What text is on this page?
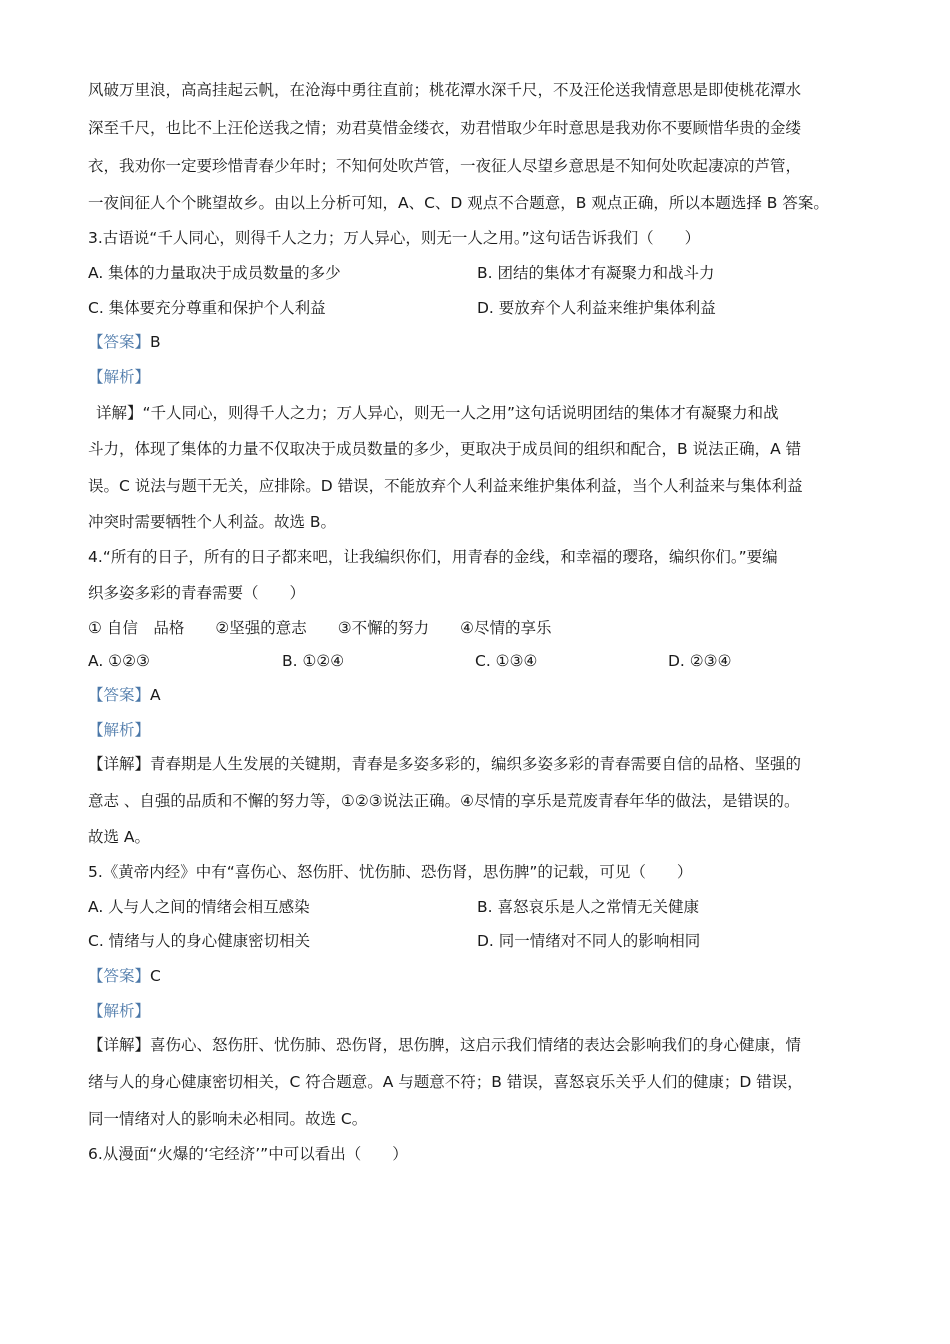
风破万里浪，高高挂起云帆，在沧海中勇往直前；桃花潭水深千尺，不及汪伦送我情意思是即使桃花潭水
深至千尺，也比不上汪伦送我之情；劝君莫惜金缕衣，劝君惜取少年时意思是我劝你不要顾惜华贵的金缕
衣，我劝你一定要珍惜青春少年时；不知何处吹芦管，一夜征人尽望乡意思是不知何处吹起凄凉的芦管，
一夜间征人个个眺望故乡。由以上分析可知，A、C、D 观点不合题意，B 观点正确，所以本题选择 B 答案。
3.古语说“千人同心，则得千人之力；万人异心，则无一人之用。”这句话告诉我们（　　）
A. 集体的力量取决于成员数量的多少	B. 团结的集体才有凝聚力和战斗力
C. 集体要充分尊重和保护个人利益	D. 要放弃个人利益来维护集体利益
【答案】B
【解析】
详解】“千人同心，则得千人之力；万人异心，则无一人之用”这句话说明团结的集体才有凝聚力和战
斗力，体现了集体的力量不仅取决于成员数量的多少，更取决于成员间的组织和配合，B 说法正确，A 错
误。C 说法与题干无关，应排除。D 错误，不能放弃个人利益来维护集体利益，当个人利益来与集体利益
冲突时需要牺牲个人利益。故选 B。
4.“所有的日子，所有的日子都来吧，让我编织你们，用青春的金线，和幸福的璎珞，编织你们。”要编
织多姿多彩的青春需要（　　）
① 自信　品格　　②坚强的意志　　③不懈的努力　　④尽情的享乐
A. ①②③	B. ①②④	C. ①③④	D. ②③④
【答案】A
【解析】
【详解】青春期是人生发展的关键期，青春是多姿多彩的，编织多姿多彩的青春需要自信的品格、坚强的
意志 、自强的品质和不懈的努力等，①②③说法正确。④尽情的享乐是荒废青春年华的做法，是错误的。
故选 A。
5.《黄帝内经》中有“喜伤心、怒伤肝、忧伤肺、恐伤肾，思伤脾”的记载，可见（　　）
A. 人与人之间的情绪会相互感染	B. 喜怒哀乐是人之常情无关健康
C. 情绪与人的身心健康密切相关	D. 同一情绪对不同人的影响相同
【答案】C
【解析】
【详解】喜伤心、怒伤肝、忧伤肺、恐伤肾，思伤脾，这启示我们情绪的表达会影响我们的身心健康，情
绪与人的身心健康密切相关，C 符合题意。A 与题意不符；B 错误，喜怒哀乐关乎人们的健康；D 错误，
同一情绪对人的影响未必相同。故选 C。
6.从漫面“火爆的‘宅经济’”中可以看出（　　）
